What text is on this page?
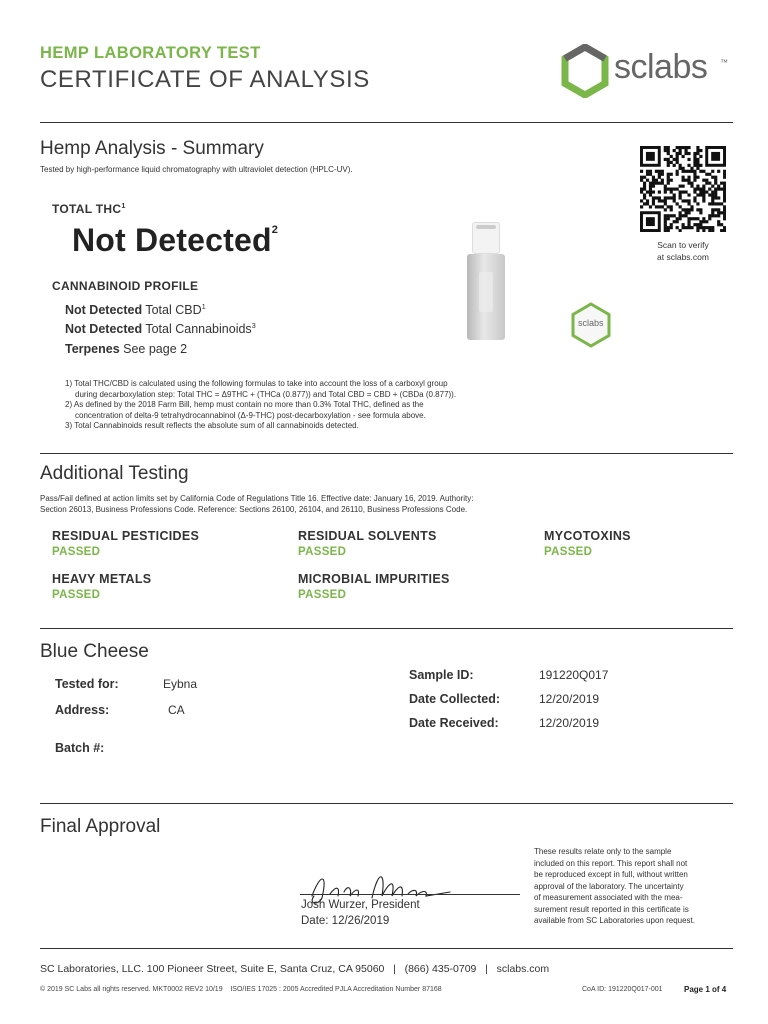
HEMP LABORATORY TEST
CERTIFICATE OF ANALYSIS	sclabs ™
Hemp Analysis - Summary
Tested by high-performance liquid chromatography with ultraviolet detection (HPLC-UV).
TOTAL THC$^1$
Not Detected$^2$
CANNABINOID PROFILE
Not Detected Total CBD$^1$
Not Detected Total Cannabinoids$^3$
Terpenes See page 2
sclabs
Scan to verify
at sclabs.com
1) Total THC/CBD is calculated using the following formulas to take into account the loss of a carboxyl group
during decarboxylation step: Total THC = Δ9THC + (THCa (0.877)) and Total CBD = CBD + (CBDa (0.877)).
2) As defined by the 2018 Farm Bill, hemp must contain no more than 0.3% Total THC, defined as the
concentration of delta-9 tetrahydrocannabinol (Δ-9-THC) post-decarboxylation - see formula above.
3) Total Cannabinoids result reflects the absolute sum of all cannabinoids detected.
Additional Testing
Pass/Fail defined at action limits set by California Code of Regulations Title 16. Effective date: January 16, 2019. Authority:
Section 26013, Business Professions Code. Reference: Sections 26100, 26104, and 26110, Business Professions Code.
RESIDUAL PESTICIDES
PASSED
RESIDUAL SOLVENTS
PASSED
MYCOTOXINS
PASSED
HEAVY METALS
PASSED
MICROBIAL IMPURITIES
PASSED
Blue Cheese
Tested for:	Eybna
Address:	CA
Batch #:
Sample ID:	191220Q017
Date Collected:	12/20/2019
Date Received:	12/20/2019
Final Approval
Josh Wurzer, President
Date: 12/26/2019
These results relate only to the sample
included on this report. This report shall not
be reproduced except in full, without written
approval of the laboratory. The uncertainty
of measurement associated with the mea-
surement result reported in this certificate is
available from SC Laboratories upon request.
SC Laboratories, LLC. 100 Pioneer Street, Suite E, Santa Cruz, CA 95060   |   (866) 435-0709   |   sclabs.com
© 2019 SC Labs all rights reserved. MKT0002 REV2 10/19    ISO/IES 17025 : 2005 Accredited PJLA Accreditation Number 87168	CoA ID: 191220Q017-001	Page 1 of 4
